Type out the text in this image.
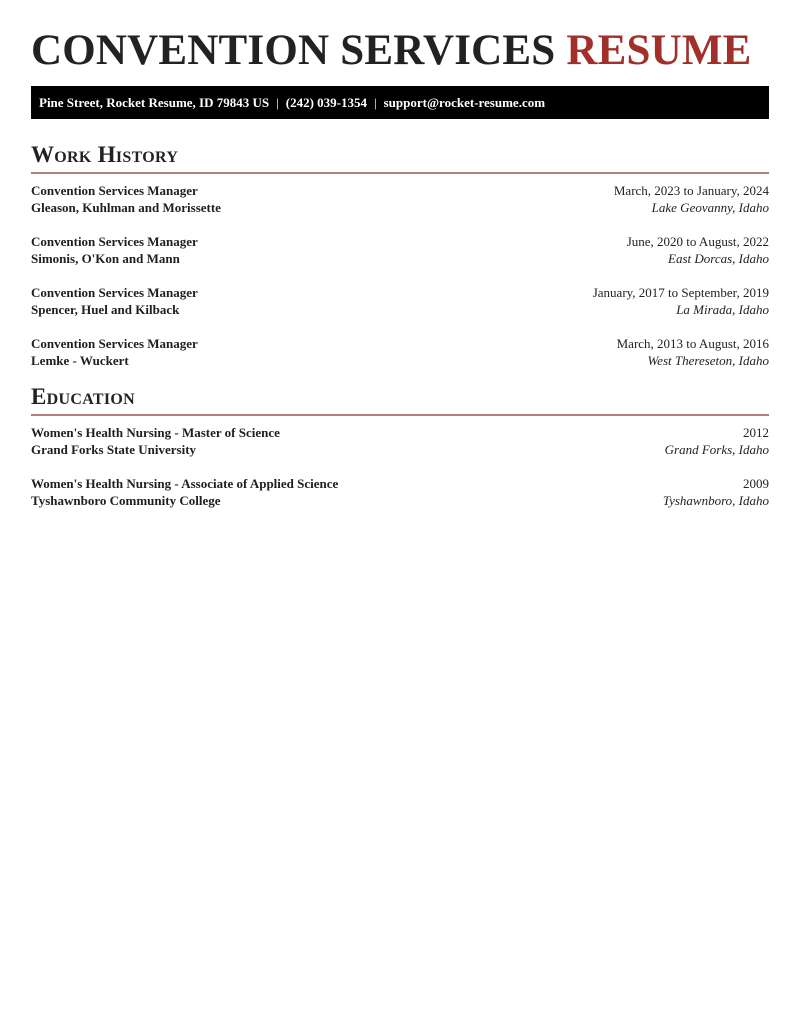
CONVENTION SERVICES RESUME
Pine Street, Rocket Resume, ID 79843 US | (242) 039-1354 | support@rocket-resume.com
Work History
Convention Services Manager	March, 2023 to January, 2024
Gleason, Kuhlman and Morissette	Lake Geovanny, Idaho
Convention Services Manager	June, 2020 to August, 2022
Simonis, O'Kon and Mann	East Dorcas, Idaho
Convention Services Manager	January, 2017 to September, 2019
Spencer, Huel and Kilback	La Mirada, Idaho
Convention Services Manager	March, 2013 to August, 2016
Lemke - Wuckert	West Thereseton, Idaho
Education
Women's Health Nursing - Master of Science	2012
Grand Forks State University	Grand Forks, Idaho
Women's Health Nursing - Associate of Applied Science	2009
Tyshawnboro Community College	Tyshawnboro, Idaho
